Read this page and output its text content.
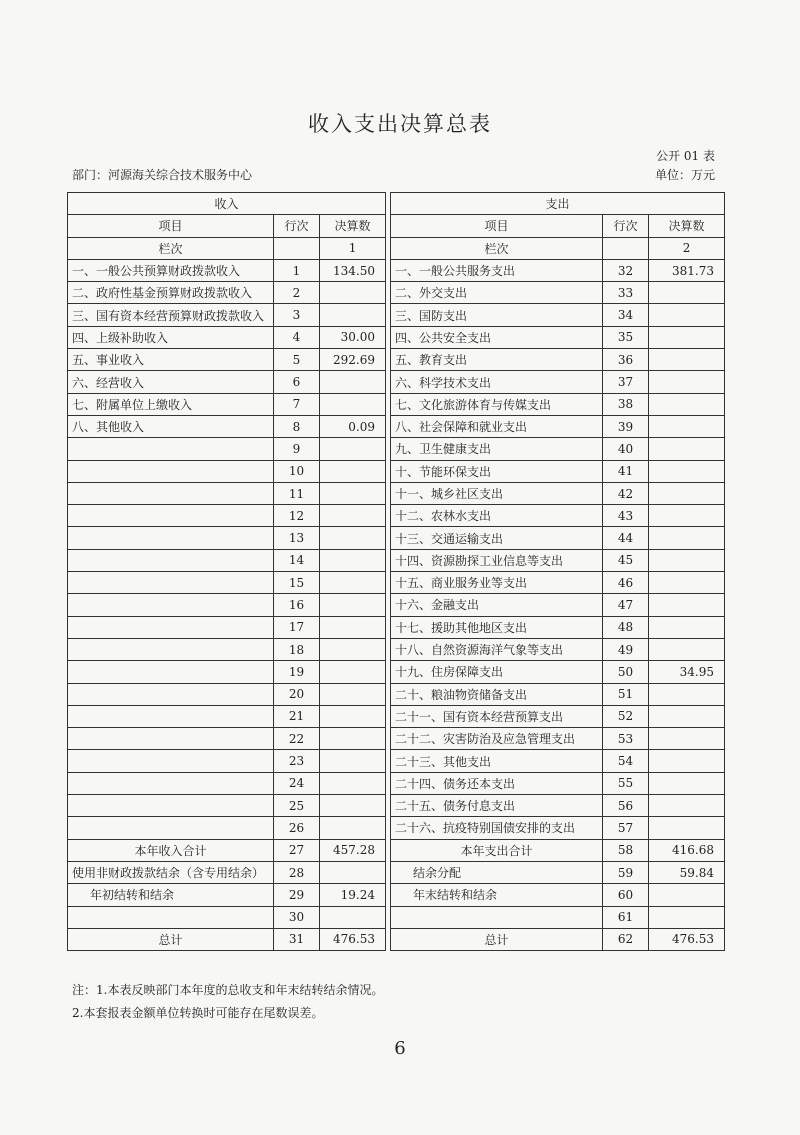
收入支出决算总表
公开 01 表
部门：河源海关综合技术服务中心	单位：万元
收入		
项目	行次	决算数
栏次		1
一、一般公共预算财政拨款收入	1	134.50
二、政府性基金预算财政拨款收入	2	
三、国有资本经营预算财政拨款收入	3	
四、上级补助收入	4	30.00
五、事业收入	5	292.69
六、经营收入	6	
七、附属单位上缴收入	7	
八、其他收入	8	0.09
	9	
	10	
	11	
	12	
	13	
	14	
	15	
	16	
	17	
	18	
	19	
	20	
	21	
	22	
	23	
	24	
	25	
	26	
本年收入合计	27	457.28
使用非财政拨款结余（含专用结余）	28	
年初结转和结余	29	19.24
	30	
总计	31	476.53
支出		
项目	行次	决算数
栏次		2
一、一般公共服务支出	32	381.73
二、外交支出	33	
三、国防支出	34	
四、公共安全支出	35	
五、教育支出	36	
六、科学技术支出	37	
七、文化旅游体育与传媒支出	38	
八、社会保障和就业支出	39	
九、卫生健康支出	40	
十、节能环保支出	41	
十一、城乡社区支出	42	
十二、农林水支出	43	
十三、交通运输支出	44	
十四、资源勘探工业信息等支出	45	
十五、商业服务业等支出	46	
十六、金融支出	47	
十七、援助其他地区支出	48	
十八、自然资源海洋气象等支出	49	
十九、住房保障支出	50	34.95
二十、粮油物资储备支出	51	
二十一、国有资本经营预算支出	52	
二十二、灾害防治及应急管理支出	53	
二十三、其他支出	54	
二十四、债务还本支出	55	
二十五、债务付息支出	56	
二十六、抗疫特别国债安排的支出	57	
本年支出合计	58	416.68
结余分配	59	59.84
年末结转和结余	60	
	61	
总计	62	476.53
注：1.本表反映部门本年度的总收支和年末结转结余情况。
2.本套报表金额单位转换时可能存在尾数误差。
6
